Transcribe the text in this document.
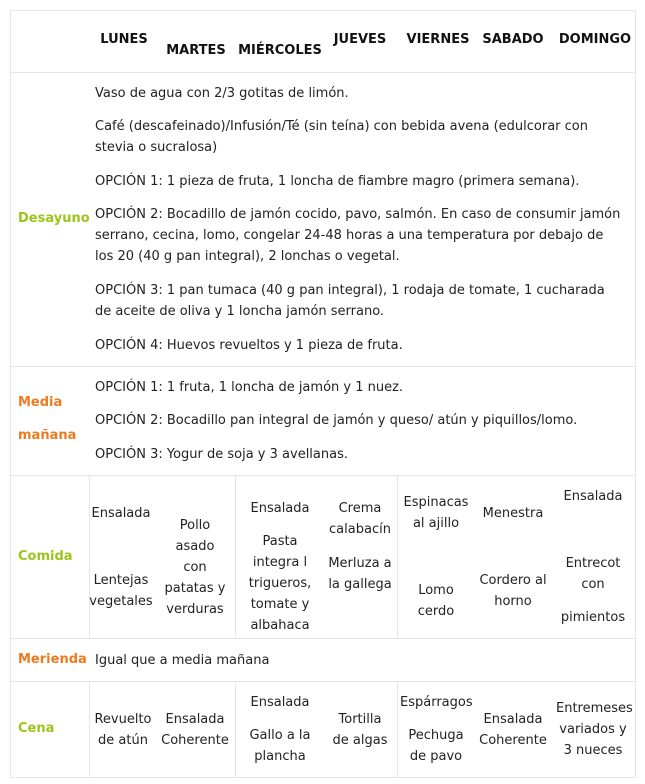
LUNES
MARTES MIÉRCOLES
JUEVES	VIERNES SABADO DOMINGO
Desayuno
Vaso de agua con 2/3 gotitas de limón.
Café (descafeinado)/Infusión/Té (sin teína) con bebida avena (edulcorar con stevia o sucralosa)
OPCIÓN 1: 1 pieza de fruta, 1 loncha de fiambre magro (primera semana).
OPCIÓN 2: Bocadillo de jamón cocido, pavo, salmón. En caso de consumir jamón serrano, cecina, lomo, congelar 24-48 horas a una temperatura por debajo de los 20 (40 g pan integral), 2 lonchas o vegetal.
OPCIÓN 3: 1 pan tumaca (40 g pan integral), 1 rodaja de tomate, 1 cucharada de aceite de oliva y 1 loncha jamón serrano.
OPCIÓN 4: Huevos revueltos y 1 pieza de fruta.
Media
mañana
OPCIÓN 1: 1 fruta, 1 loncha de jamón y 1 nuez.
OPCIÓN 2: Bocadillo pan integral de jamón y queso/ atún y piquillos/lomo.
OPCIÓN 3: Yogur de soja y 3 avellanas.
Comida
Ensalada
Lentejas vegetales
Pollo asado con patatas y verduras
Ensalada
Pasta integra l trigueros, tomate y albahaca
Crema calabacín
Merluza a la gallega
Espinacas al ajillo
Lomo cerdo
Menestra
Cordero al horno
Ensalada
Entrecot con
pimientos
Merienda Igual que a media mañana
Cena
Revuelto de atún
Ensalada Coherente
Ensalada
Gallo a la plancha
Tortilla de algas
Espárragos
Pechuga de pavo
Ensalada Coherente
Entremeses variados y 3 nueces
